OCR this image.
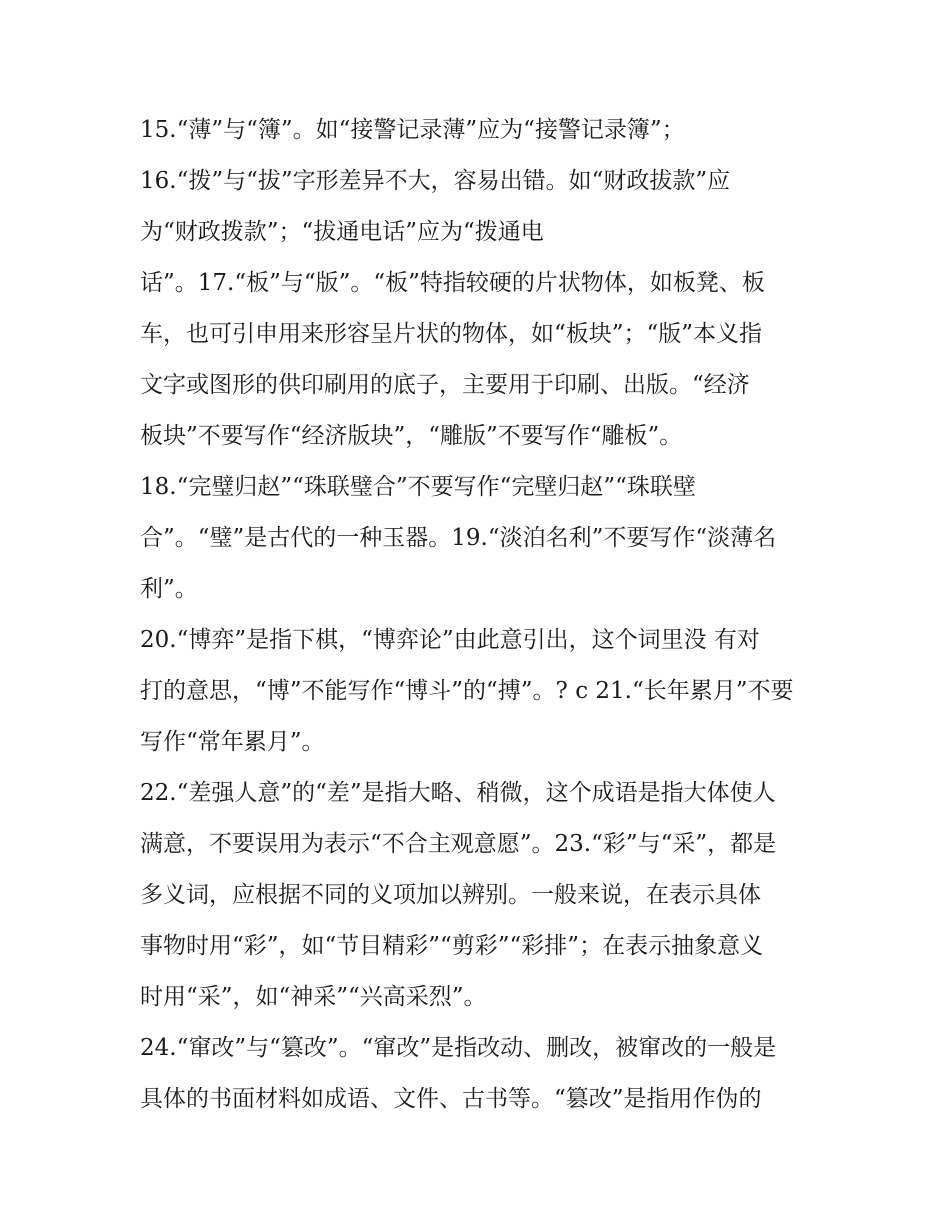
15.“薄”与“簿”。如“接警记录薄”应为“接警记录簿”；
16.“拨”与“拔”字形差异不大，容易出错。如“财政拔款”应
为“财政拨款”；“拔通电话”应为“拨通电
话”。17.“板”与“版”。“板”特指较硬的片状物体，如板凳、板
车，也可引申用来形容呈片状的物体，如“板块”；“版”本义指
文字或图形的供印刷用的底子，主要用于印刷、出版。“经济
板块”不要写作“经济版块”，“雕版”不要写作“雕板”。
18.“完璧归赵”“珠联璧合”不要写作“完壁归赵”“珠联壁
合”。“璧”是古代的一种玉器。19.“淡泊名利”不要写作“淡薄名
利”。
20.“博弈”是指下棋，“博弈论”由此意引出，这个词里没 有对
打的意思，“博”不能写作“博斗”的“搏”。? c 21.“长年累月”不要
写作“常年累月”。
22.“差强人意”的“差”是指大略、稍微，这个成语是指大体使人
满意，不要误用为表示“不合主观意愿”。23.“彩”与“采”，都是
多义词，应根据不同的义项加以辨别。一般来说，在表示具体
事物时用“彩”，如“节目精彩”“剪彩”“彩排”；在表示抽象意义
时用“采”，如“神采”“兴高采烈”。
24.“窜改”与“篡改”。“窜改”是指改动、删改，被窜改的一般是
具体的书面材料如成语、文件、古书等。“篡改”是指用作伪的
